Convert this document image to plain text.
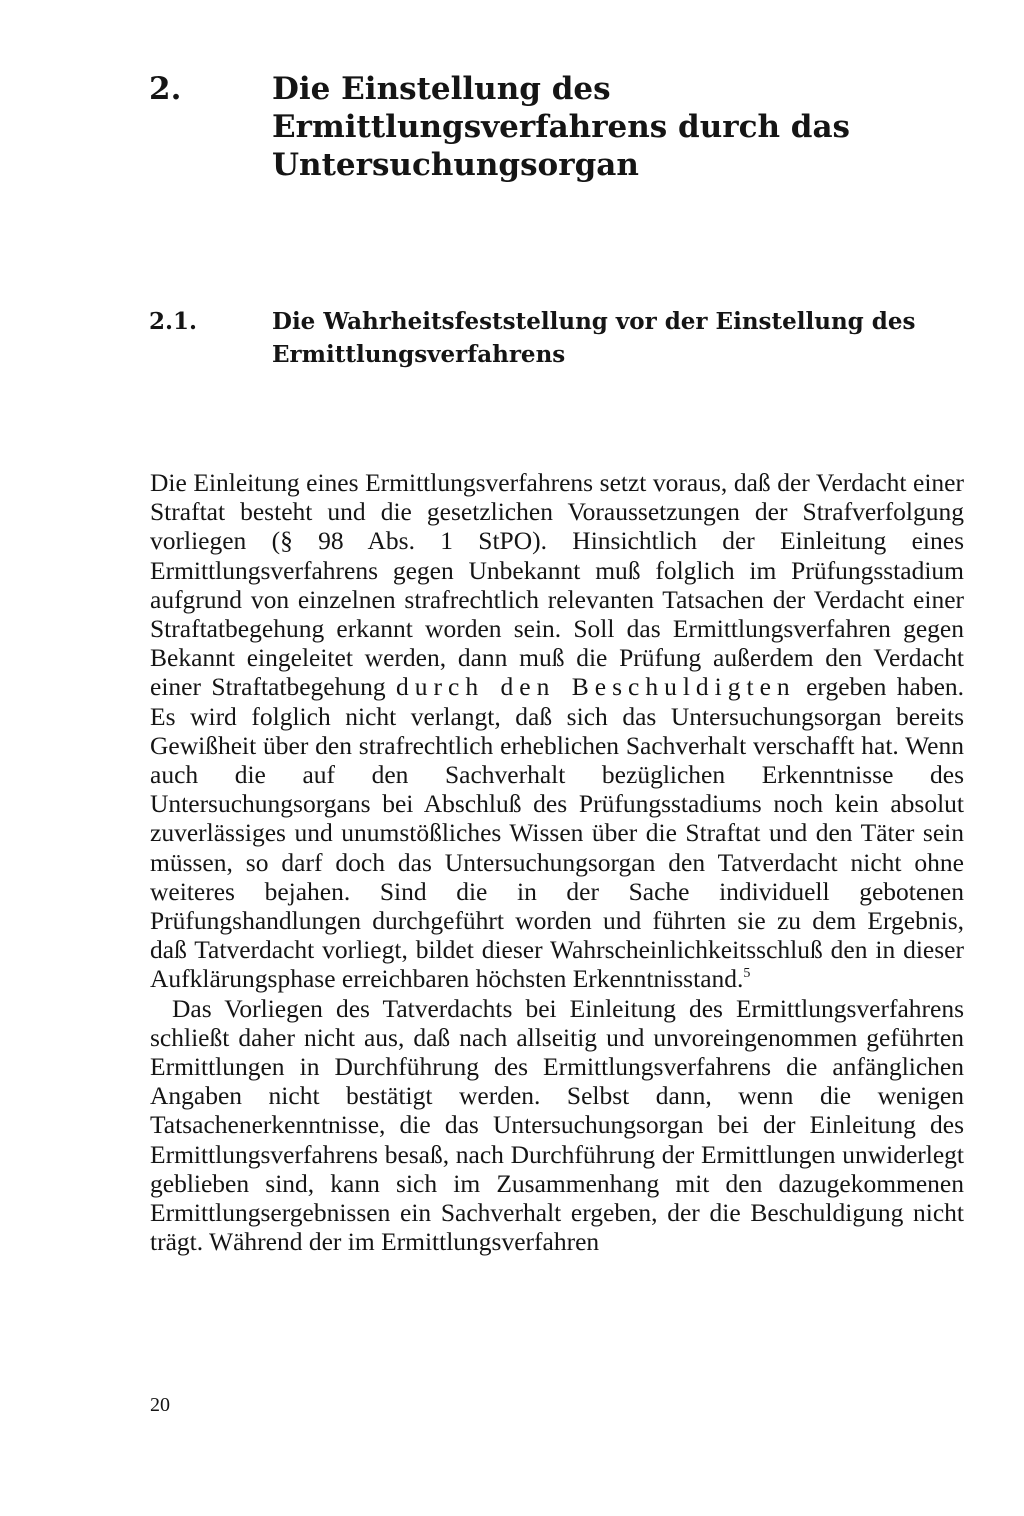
2.	Die Einstellung des Ermittlungsverfahrens durch das Untersuchungsorgan
2.1.	Die Wahrheitsfeststellung vor der Einstellung des Ermittlungsverfahrens

Die Einleitung eines Ermittlungsverfahrens setzt voraus, daß der Verdacht einer Straftat besteht und die gesetzlichen Voraussetzungen der Strafverfolgung vorliegen (§ 98 Abs. 1 StPO). Hinsichtlich der Einleitung eines Ermittlungsverfahrens gegen Unbekannt muß folglich im Prüfungsstadium aufgrund von einzelnen strafrechtlich relevanten Tatsachen der Verdacht einer Straftatbegehung erkannt worden sein. Soll das Ermittlungsverfahren gegen Bekannt eingeleitet werden, dann muß die Prüfung außerdem den Verdacht einer Straftatbegehung durch den Beschuldigten ergeben haben. Es wird folglich nicht verlangt, daß sich das Untersuchungsorgan bereits Gewißheit über den strafrechtlich erheblichen Sachverhalt verschafft hat. Wenn auch die auf den Sachverhalt bezüglichen Erkenntnisse des Untersuchungsorgans bei Abschluß des Prüfungsstadiums noch kein absolut zuverlässiges und unumstößliches Wissen über die Straftat und den Täter sein müssen, so darf doch das Untersuchungsorgan den Tatverdacht nicht ohne weiteres bejahen. Sind die in der Sache individuell gebotenen Prüfungshandlungen durchgeführt worden und führten sie zu dem Ergebnis, daß Tatverdacht vorliegt, bildet dieser Wahrscheinlichkeitsschluß den in dieser Aufklärungsphase erreichbaren höchsten Erkenntnisstand.$^5$

Das Vorliegen des Tatverdachts bei Einleitung des Ermittlungsverfahrens schließt daher nicht aus, daß nach allseitig und unvoreingenommen geführten Ermittlungen in Durchführung des Ermittlungsverfahrens die anfänglichen Angaben nicht bestätigt werden. Selbst dann, wenn die wenigen Tatsachenerkenntnisse, die das Untersuchungsorgan bei der Einleitung des Ermittlungsverfahrens besaß, nach Durchführung der Ermittlungen unwiderlegt geblieben sind, kann sich im Zusammenhang mit den dazugekommenen Ermittlungsergebnissen ein Sachverhalt ergeben, der die Beschuldigung nicht trägt. Während der im Ermittlungsverfahren

20
